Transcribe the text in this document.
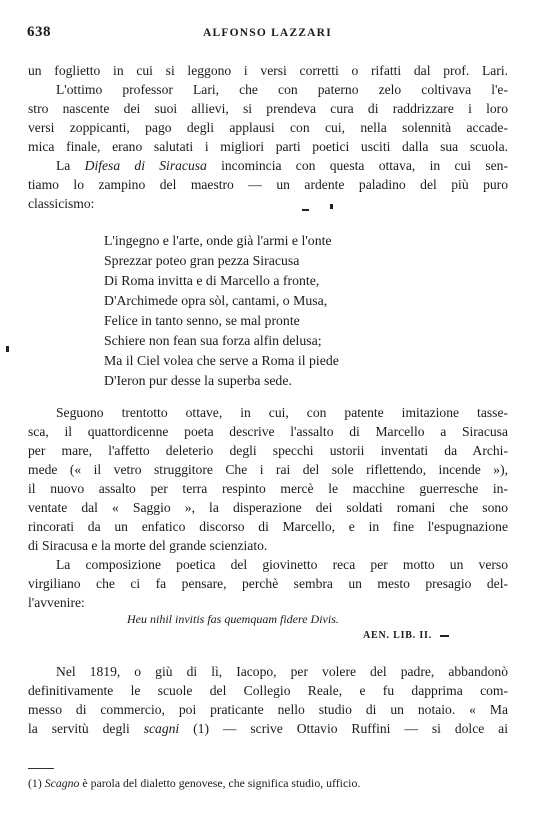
638	ALFONSO LAZZARI
un foglietto in cui si leggono i versi corretti o rifatti dal prof. Lari.
L'ottimo professor Lari, che con paterno zelo coltivava l'e-
stro nascente dei suoi allievi, si prendeva cura di raddrizzare i loro
versi zoppicanti, pago degli applausi con cui, nella solennità accade-
mica finale, erano salutati i migliori parti poetici usciti dalla sua scuola.
La Difesa di Siracusa incomincia con questa ottava, in cui sen-
tiamo lo zampino del maestro — un ardente paladino del più puro
classicismo:
L'ingegno e l'arte, onde già l'armi e l'onte
Sprezzar poteo gran pezza Siracusa
Di Roma invitta e di Marcello a fronte,
D'Archimede opra sòl, cantami, o Musa,
Felice in tanto senno, se mal pronte
Schiere non fean sua forza alfin delusa;
Ma il Ciel volea che serve a Roma il piede
D'Ieron pur desse la superba sede.
Seguono trentotto ottave, in cui, con patente imitazione tasse-
sca, il quattordicenne poeta descrive l'assalto di Marcello a Siracusa
per mare, l'affetto deleterio degli specchi ustorii inventati da Archi-
mede (« il vetro struggitore Che i rai del sole riflettendo, incende »),
il nuovo assalto per terra respinto mercè le macchine guerresche in-
ventate dal « Saggio », la disperazione dei soldati romani che sono
rincorati da un enfatico discorso di Marcello, e in fine l'espugnazione
di Siracusa e la morte del grande scienziato.
La composizione poetica del giovinetto reca per motto un verso
virgiliano che ci fa pensare, perchè sembra un mesto presagio del-
l'avvenire:
Heu nihil invitis fas quemquam fidere Divis.
AEN. LIB. II.
Nel 1819, o giù di lì, Iacopo, per volere del padre, abbandonò
definitivamente le scuole del Collegio Reale, e fu dapprima com-
messo di commercio, poi praticante nello studio di un notaio. « Ma
la servitù degli scagni (1) — scrive Ottavio Ruffini — si dolce ai
(1) Scagno è parola del dialetto genovese, che significa studio, ufficio.
